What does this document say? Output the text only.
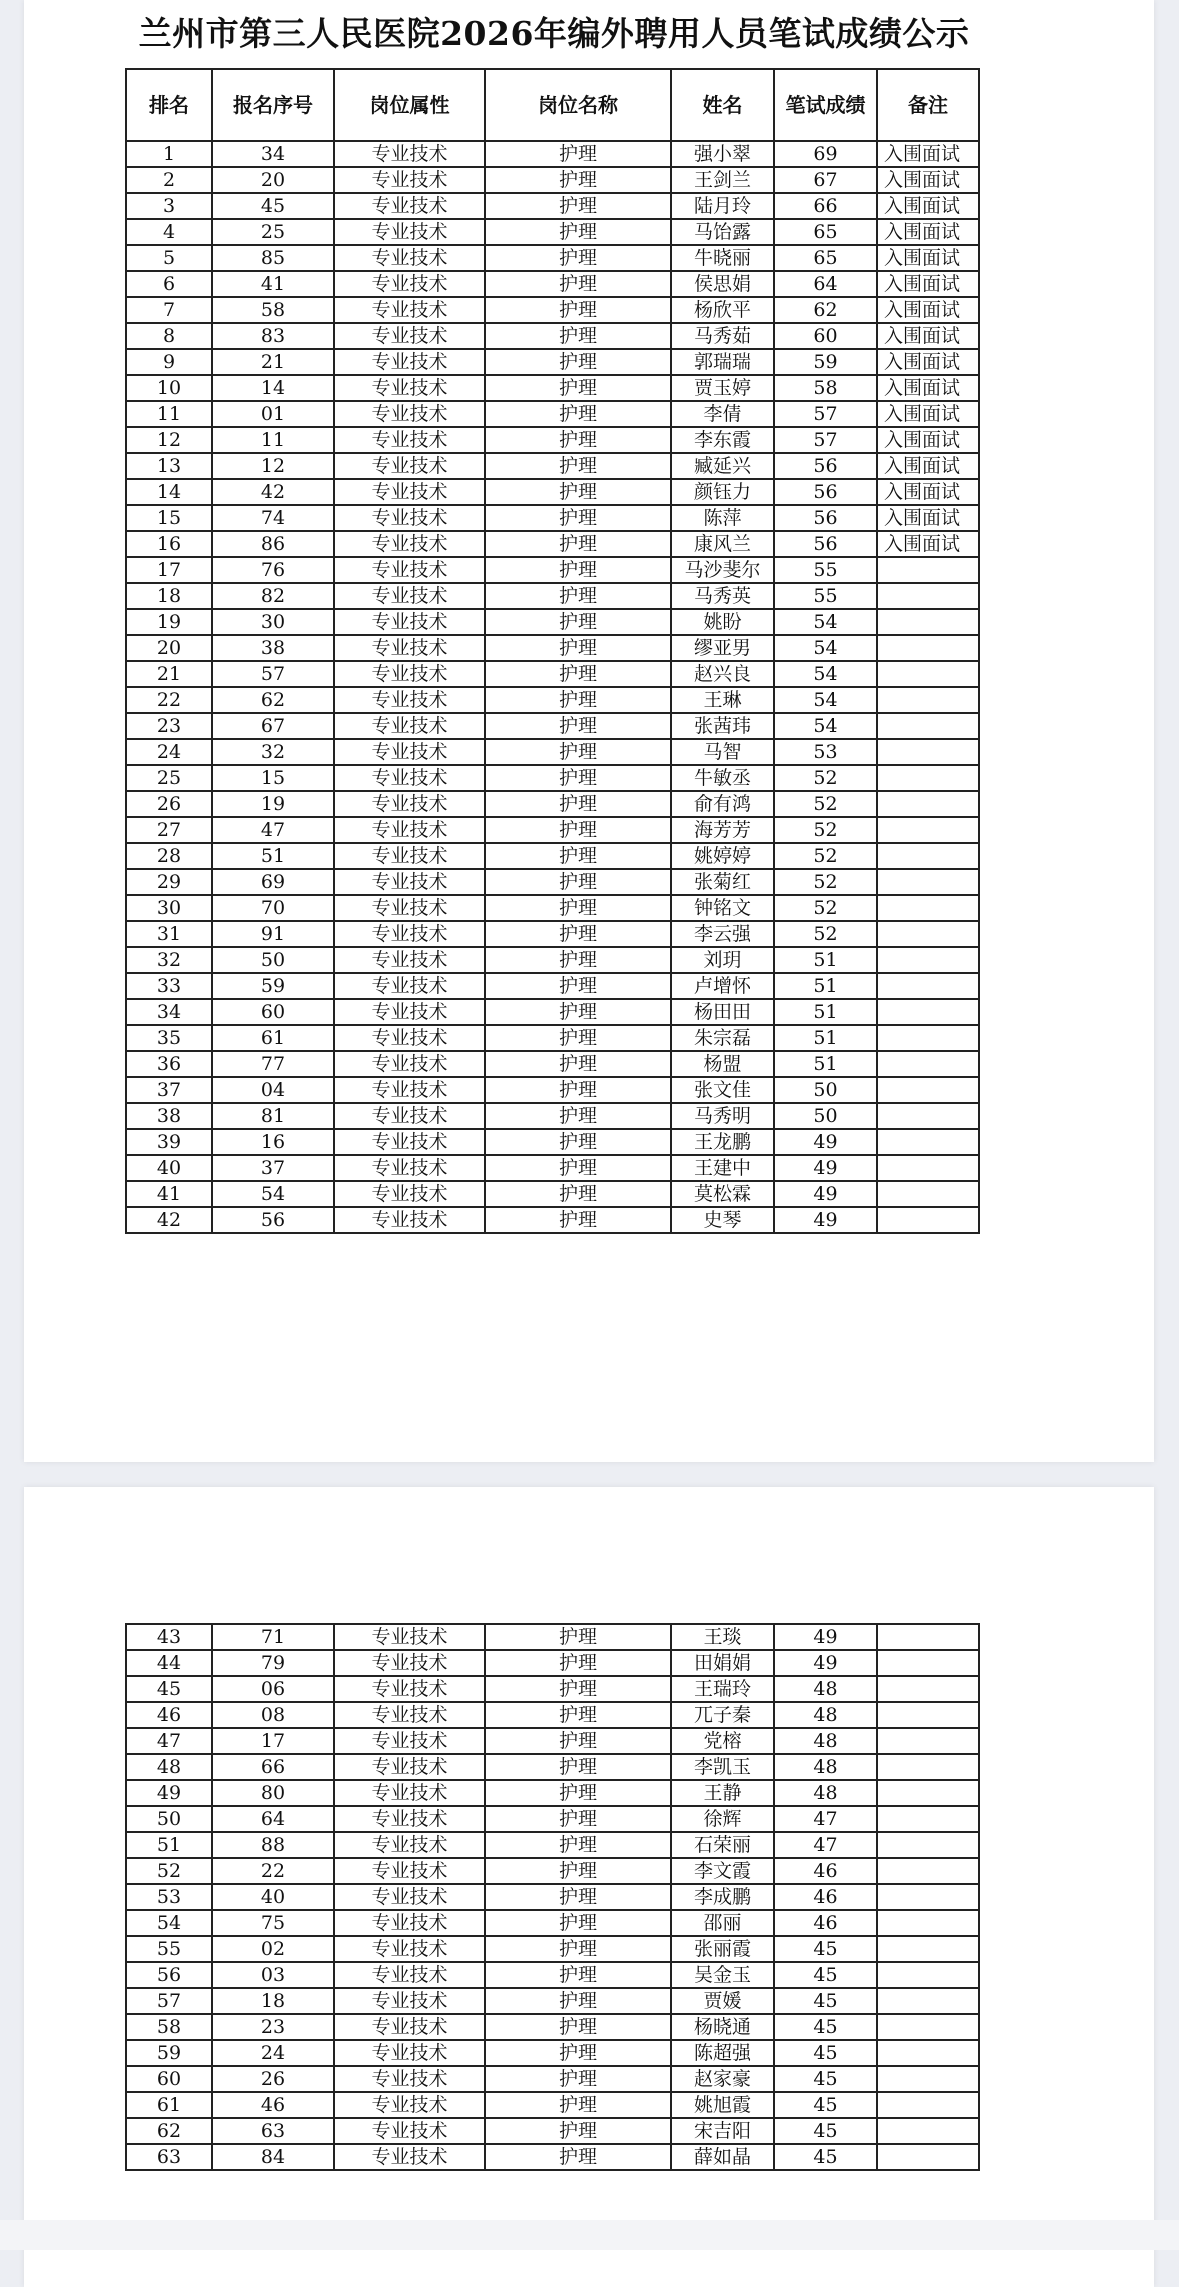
兰州市第三人民医院2026年编外聘用人员笔试成绩公示
排名	报名序号	岗位属性	岗位名称	姓名	笔试成绩	备注
1	34	专业技术	护理	强小翠	69	入围面试
2	20	专业技术	护理	王剑兰	67	入围面试
3	45	专业技术	护理	陆月玲	66	入围面试
4	25	专业技术	护理	马饴露	65	入围面试
5	85	专业技术	护理	牛晓丽	65	入围面试
6	41	专业技术	护理	侯思娟	64	入围面试
7	58	专业技术	护理	杨欣平	62	入围面试
8	83	专业技术	护理	马秀茹	60	入围面试
9	21	专业技术	护理	郭瑞瑞	59	入围面试
10	14	专业技术	护理	贾玉婷	58	入围面试
11	01	专业技术	护理	李倩	57	入围面试
12	11	专业技术	护理	李东霞	57	入围面试
13	12	专业技术	护理	臧延兴	56	入围面试
14	42	专业技术	护理	颜钰力	56	入围面试
15	74	专业技术	护理	陈萍	56	入围面试
16	86	专业技术	护理	康风兰	56	入围面试
17	76	专业技术	护理	马沙斐尔	55	
18	82	专业技术	护理	马秀英	55	
19	30	专业技术	护理	姚盼	54	
20	38	专业技术	护理	缪亚男	54	
21	57	专业技术	护理	赵兴良	54	
22	62	专业技术	护理	王琳	54	
23	67	专业技术	护理	张茜玮	54	
24	32	专业技术	护理	马智	53	
25	15	专业技术	护理	牛敏丞	52	
26	19	专业技术	护理	俞有鸿	52	
27	47	专业技术	护理	海芳芳	52	
28	51	专业技术	护理	姚婷婷	52	
29	69	专业技术	护理	张菊红	52	
30	70	专业技术	护理	钟铭文	52	
31	91	专业技术	护理	李云强	52	
32	50	专业技术	护理	刘玥	51	
33	59	专业技术	护理	卢增怀	51	
34	60	专业技术	护理	杨田田	51	
35	61	专业技术	护理	朱宗磊	51	
36	77	专业技术	护理	杨盟	51	
37	04	专业技术	护理	张文佳	50	
38	81	专业技术	护理	马秀明	50	
39	16	专业技术	护理	王龙鹏	49	
40	37	专业技术	护理	王建中	49	
41	54	专业技术	护理	莫松霖	49	
42	56	专业技术	护理	史琴	49	
43	71	专业技术	护理	王琰	49	
44	79	专业技术	护理	田娟娟	49	
45	06	专业技术	护理	王瑞玲	48	
46	08	专业技术	护理	兀子秦	48	
47	17	专业技术	护理	党榕	48	
48	66	专业技术	护理	李凯玉	48	
49	80	专业技术	护理	王静	48	
50	64	专业技术	护理	徐辉	47	
51	88	专业技术	护理	石荣丽	47	
52	22	专业技术	护理	李文霞	46	
53	40	专业技术	护理	李成鹏	46	
54	75	专业技术	护理	邵丽	46	
55	02	专业技术	护理	张丽霞	45	
56	03	专业技术	护理	吴金玉	45	
57	18	专业技术	护理	贾媛	45	
58	23	专业技术	护理	杨晓通	45	
59	24	专业技术	护理	陈超强	45	
60	26	专业技术	护理	赵家豪	45	
61	46	专业技术	护理	姚旭霞	45	
62	63	专业技术	护理	宋吉阳	45	
63	84	专业技术	护理	薛如晶	45	
